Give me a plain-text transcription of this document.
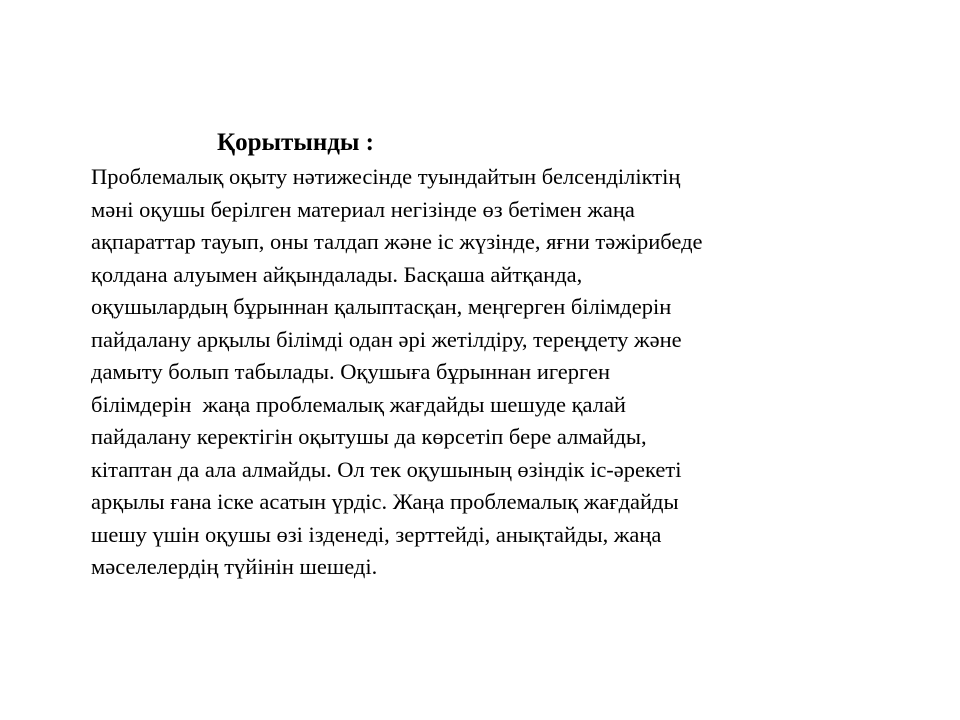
Қорытынды :
Проблемалық оқыту нәтижесінде туындайтын белсенділіктің
мәні оқушы берілген материал негізінде өз бетімен жаңа
ақпараттар тауып, оны талдап және іс жүзінде, яғни тәжірибеде
қолдана алуымен айқындалады. Басқаша айтқанда,
оқушылардың бұрыннан қалыптасқан, меңгерген білімдерін
пайдалану арқылы білімді одан әрі жетілдіру, тереңдету және
дамыту болып табылады. Оқушыға бұрыннан игерген
білімдерін  жаңа проблемалық жағдайды шешуде қалай
пайдалану керектігін оқытушы да көрсетіп бере алмайды,
кітаптан да ала алмайды. Ол тек оқушының өзіндік іс-әрекеті
арқылы ғана іске асатын үрдіс. Жаңа проблемалық жағдайды
шешу үшін оқушы өзі ізденеді, зерттейді, анықтайды, жаңа
мәселелердің түйінін шешеді.
